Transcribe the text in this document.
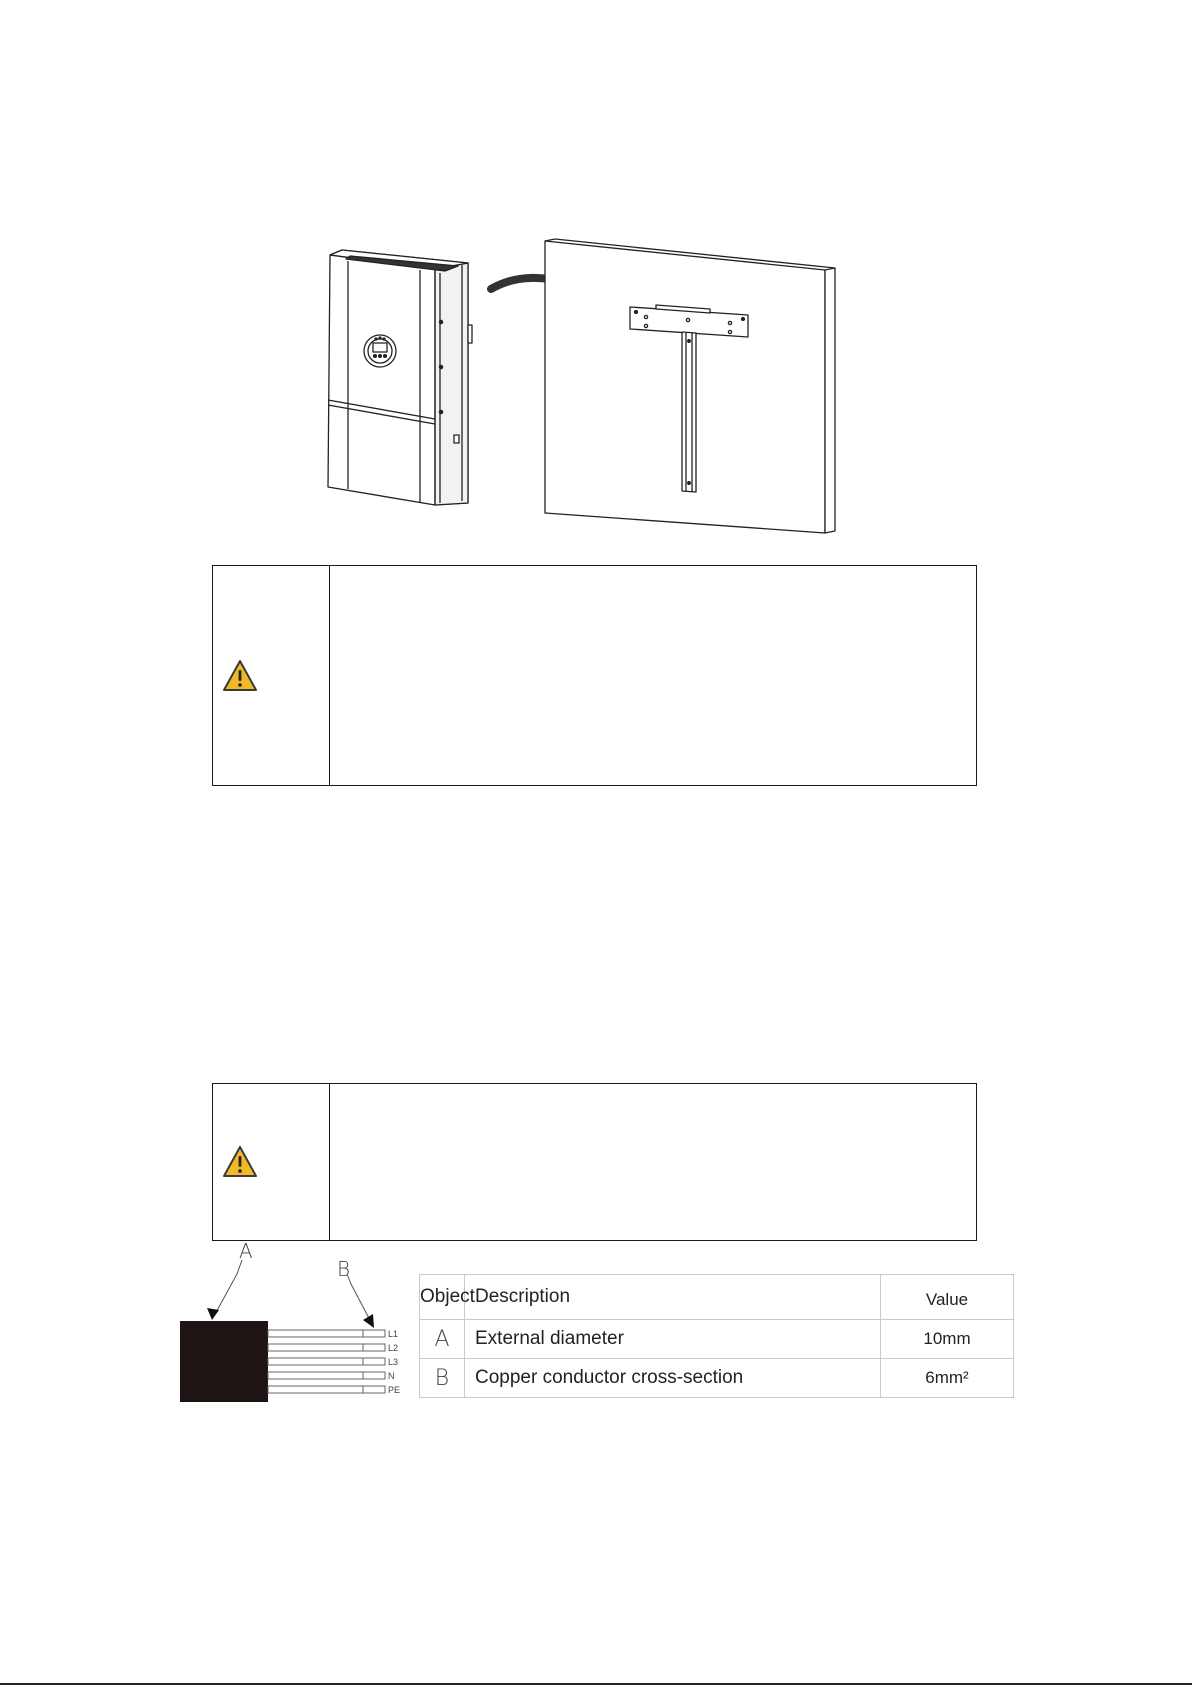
A
B
L1
L2
L3
N
PE
Object	Description	Value
A	External diameter	10mm
B	Copper conductor cross-section	6mm²
